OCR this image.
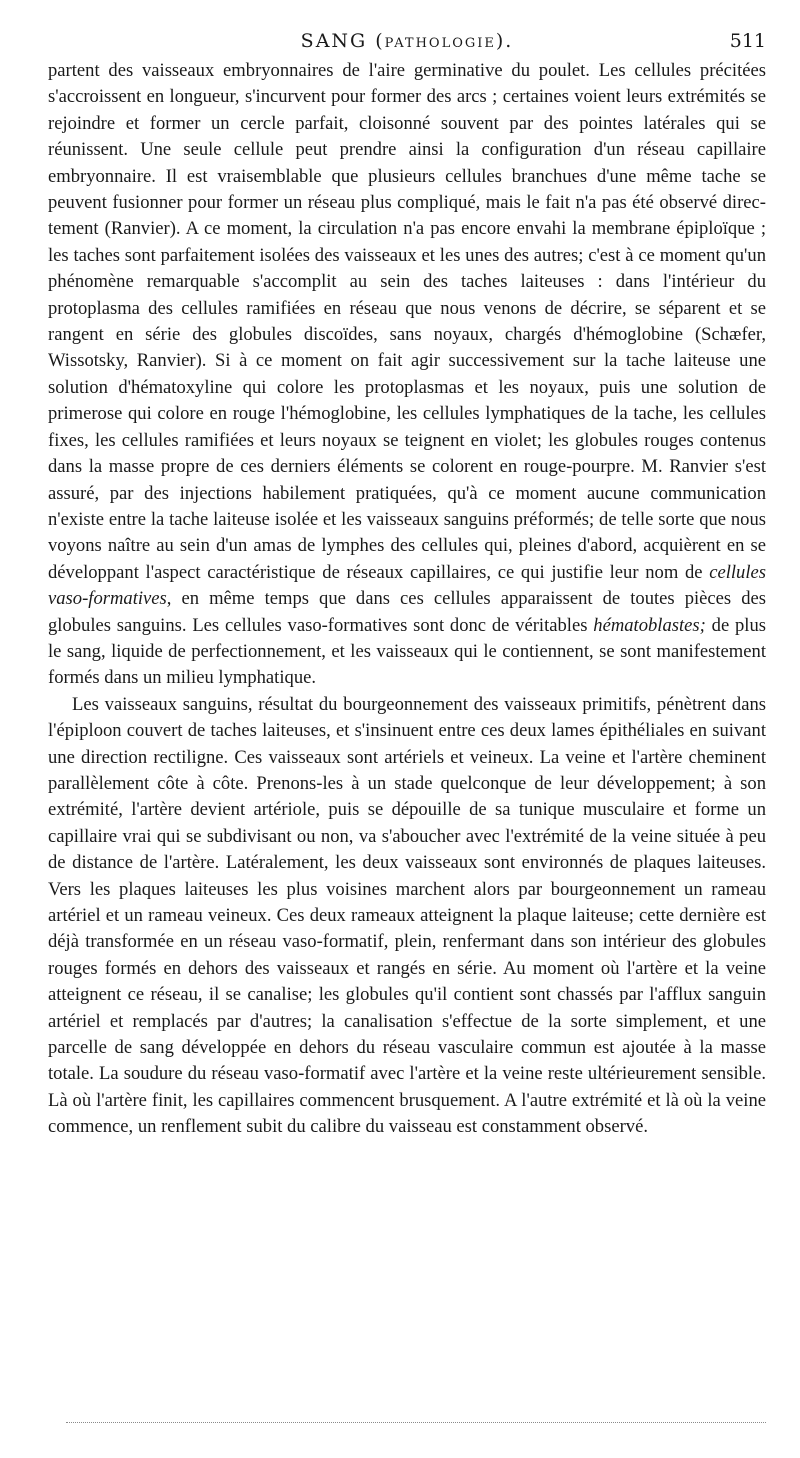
SANG (PATHOLOGIE).	511

partent des vaisseaux embryonnaires de l'aire germinative du poulet. Les cellules précitées s'accroissent en longueur, s'incurvent pour former des arcs ; certaines voient leurs extrémités se rejoindre et former un cercle parfait, cloisonné souvent par des pointes latérales qui se réunissent. Une seule cellule peut prendre ainsi la configuration d'un réseau capillaire embryonnaire. Il est vraisemblable que plusieurs cellules branchues d'une même tache se peuvent fusionner pour former un réseau plus compliqué, mais le fait n'a pas été observé directement (Ranvier). A ce moment, la circulation n'a pas encore envahi la membrane épiploïque ; les taches sont parfaitement isolées des vaisseaux et les unes des autres; c'est à ce moment qu'un phénomène remarquable s'accomplit au sein des taches laiteuses : dans l'intérieur du protoplasma des cellules ramifiées en réseau que nous venons de décrire, se séparent et se rangent en série des globules discoïdes, sans noyaux, chargés d'hémoglobine (Schæfer, Wissotsky, Ranvier). Si à ce moment on fait agir successivement sur la tache laiteuse une solution d'hématoxyline qui colore les protoplasmas et les noyaux, puis une solution de primerose qui colore en rouge l'hémoglobine, les cellules lymphatiques de la tache, les cellules fixes, les cellules ramifiées et leurs noyaux se teignent en violet; les globules rouges contenus dans la masse propre de ces derniers éléments se colorent en rouge-pourpre. M. Ranvier s'est assuré, par des injections habilement pratiquées, qu'à ce moment aucune communication n'existe entre la tache laiteuse isolée et les vaisseaux sanguins préformés; de telle sorte que nous voyons naître au sein d'un amas de lymphes des cellules qui, pleines d'abord, acquièrent en se développant l'aspect caractéristique de réseaux capillaires, ce qui justifie leur nom de cellules vaso-formatives, en même temps que dans ces cellules apparaissent de toutes pièces des globules sanguins. Les cellules vaso-formatives sont donc de véritables hématoblastes; de plus le sang, liquide de perfectionnement, et les vaisseaux qui le contiennent, se sont manifestement formés dans un milieu lymphatique.

Les vaisseaux sanguins, résultat du bourgeonnement des vaisseaux primitifs, pénètrent dans l'épiploon couvert de taches laiteuses, et s'insinuent entre ces deux lames épithéliales en suivant une direction rectiligne. Ces vaisseaux sont artériels et veineux. La veine et l'artère cheminent parallèlement côte à côte. Prenons-les à un stade quelconque de leur développement; à son extrémité, l'artère devient artériole, puis se dépouille de sa tunique musculaire et forme un capillaire vrai qui se subdivisant ou non, va s'aboucher avec l'extrémité de la veine située à peu de distance de l'artère. Latéralement, les deux vaisseaux sont environnés de plaques laiteuses. Vers les plaques laiteuses les plus voisines marchent alors par bourgeonnement un rameau artériel et un rameau veineux. Ces deux rameaux atteignent la plaque laiteuse; cette dernière est déjà transformée en un réseau vaso-formatif, plein, renfermant dans son intérieur des globules rouges formés en dehors des vaisseaux et rangés en série. Au moment où l'artère et la veine atteignent ce réseau, il se canalise; les globules qu'il contient sont chassés par l'afflux sanguin artériel et remplacés par d'autres; la canalisation s'effectue de la sorte simplement, et une parcelle de sang développée en dehors du réseau vasculaire commun est ajoutée à la masse totale. La soudure du réseau vaso-formatif avec l'artère et la veine reste ultérieurement sensible. Là où l'artère finit, les capillaires commencent brusquement. A l'autre extrémité et là où la veine commence, un renflement subit du calibre du vaisseau est constamment observé.
